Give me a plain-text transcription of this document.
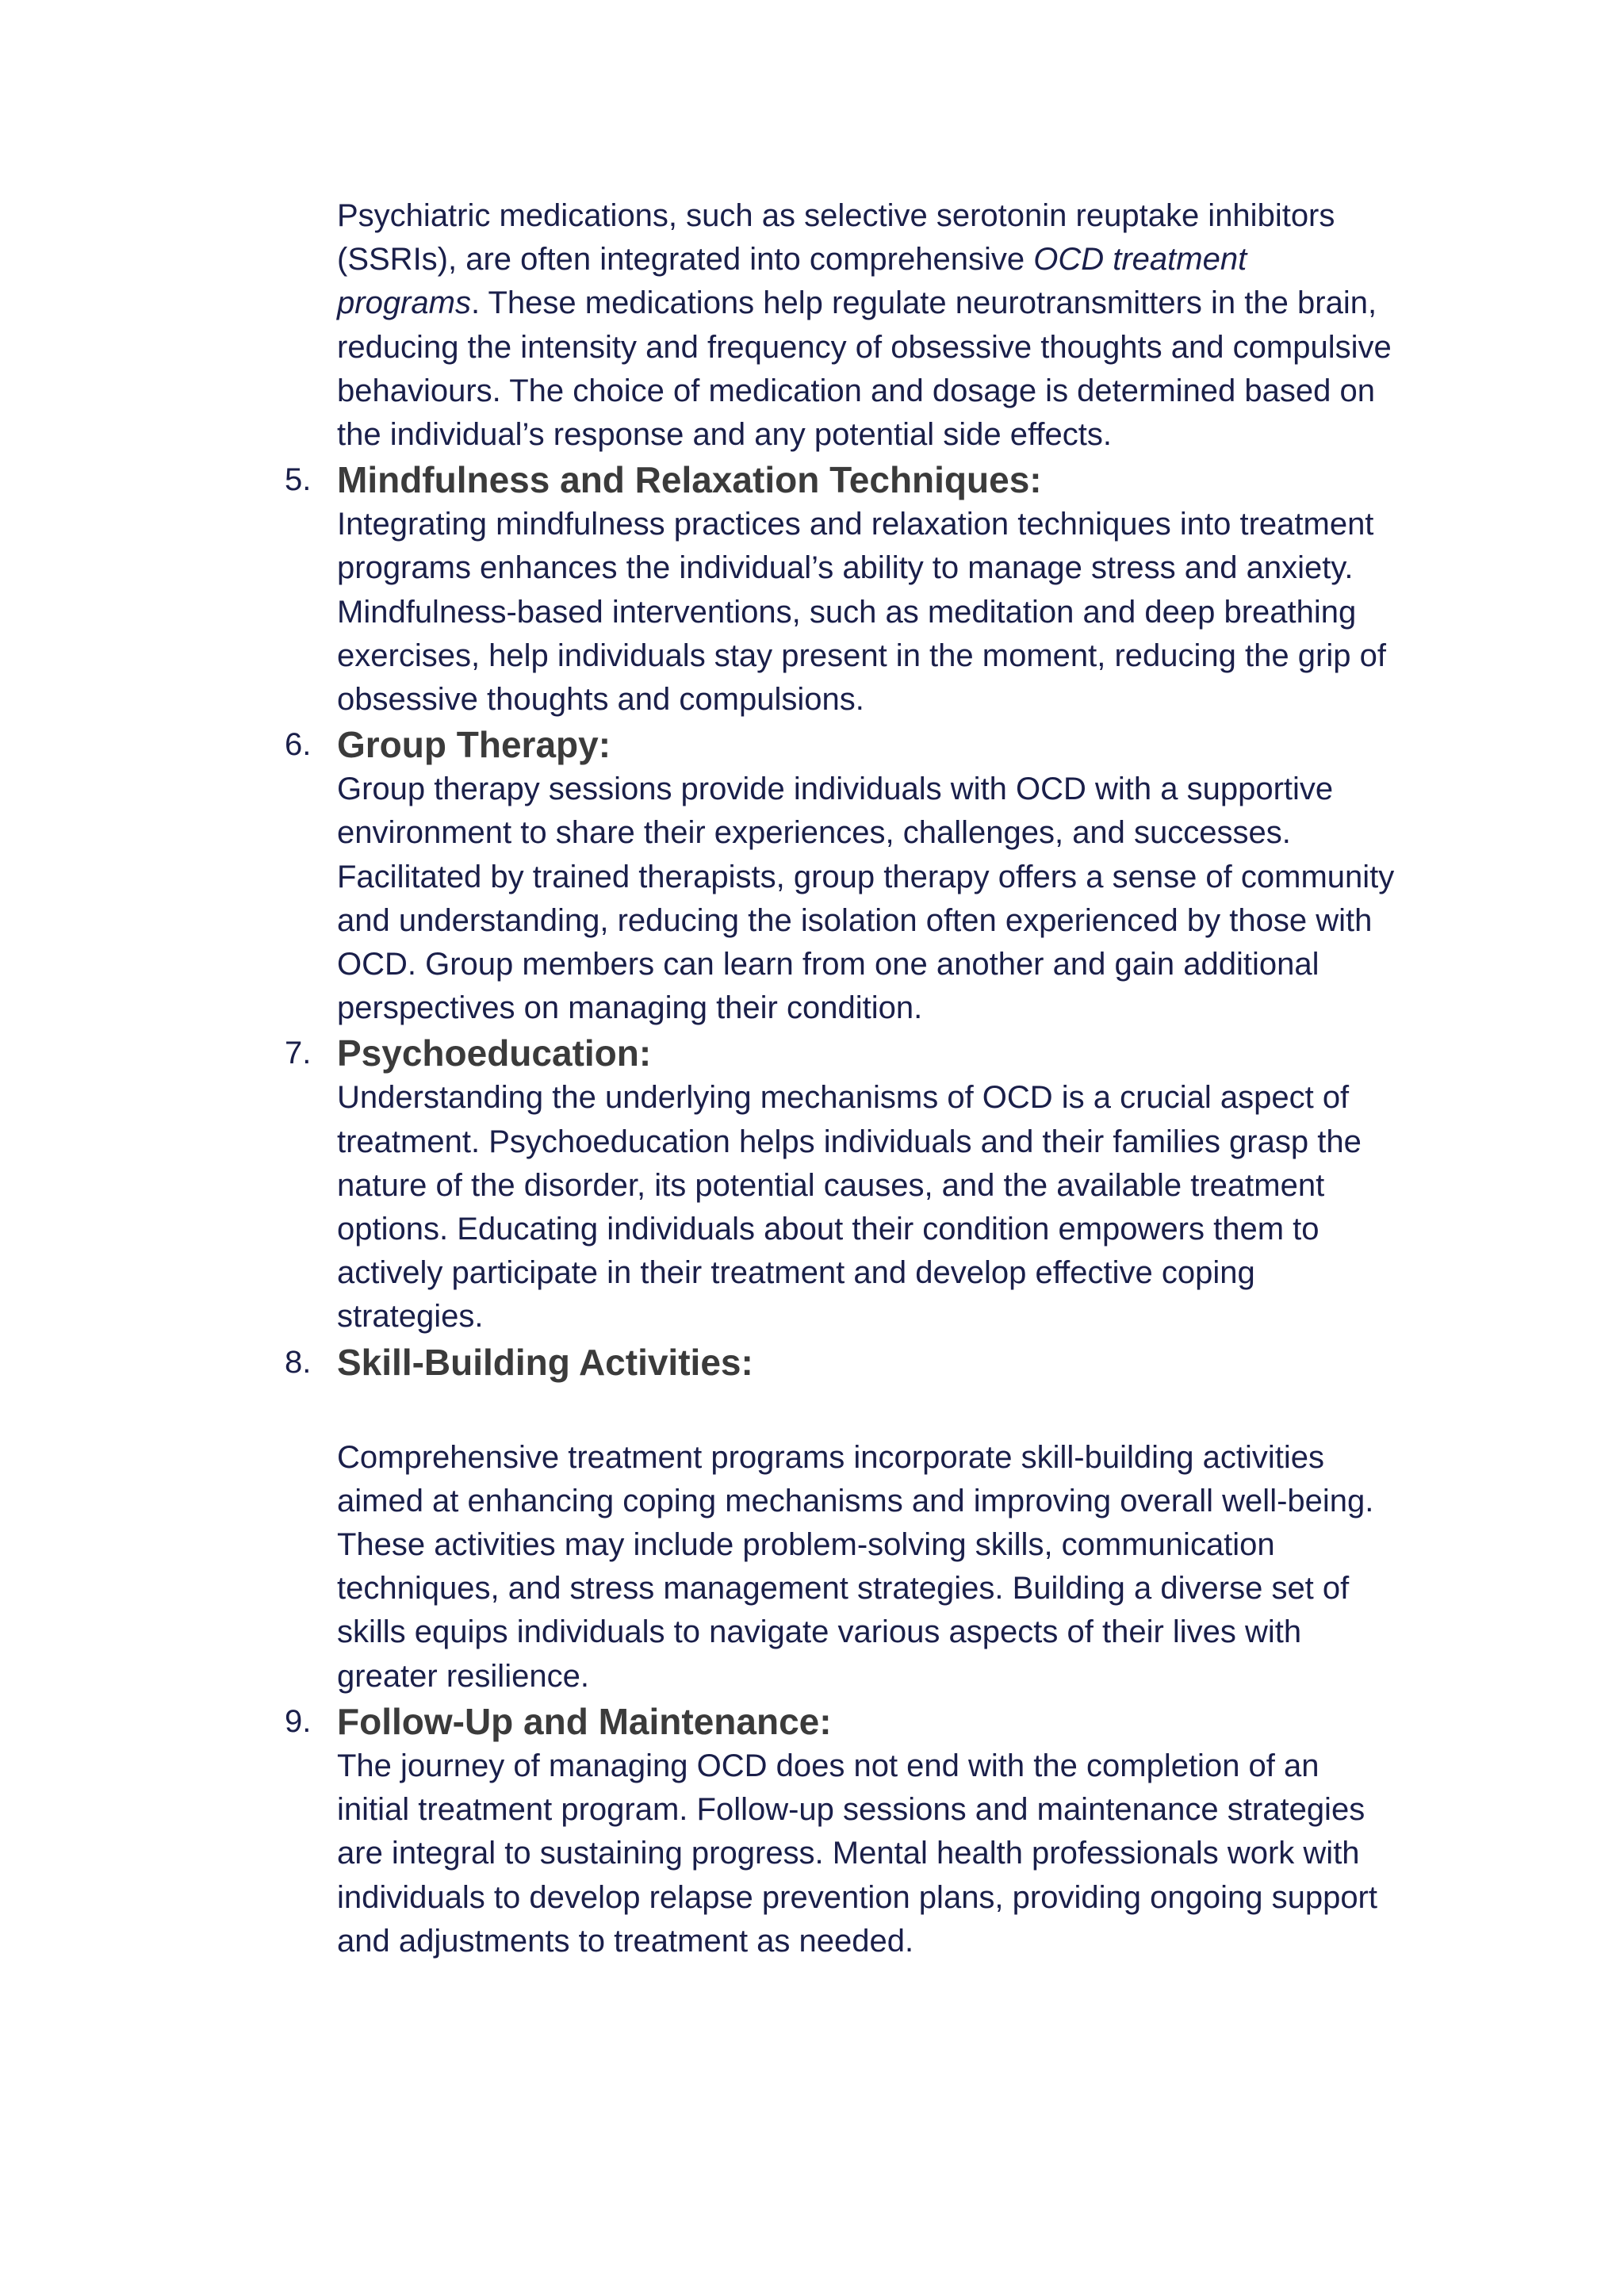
Psychiatric medications, such as selective serotonin reuptake inhibitors
(SSRIs), are often integrated into comprehensive OCD treatment
programs. These medications help regulate neurotransmitters in the brain,
reducing the intensity and frequency of obsessive thoughts and compulsive
behaviours. The choice of medication and dosage is determined based on
the individual’s response and any potential side effects.
5. Mindfulness and Relaxation Techniques:
Integrating mindfulness practices and relaxation techniques into treatment
programs enhances the individual’s ability to manage stress and anxiety.
Mindfulness-based interventions, such as meditation and deep breathing
exercises, help individuals stay present in the moment, reducing the grip of
obsessive thoughts and compulsions.
6. Group Therapy:
Group therapy sessions provide individuals with OCD with a supportive
environment to share their experiences, challenges, and successes.
Facilitated by trained therapists, group therapy offers a sense of community
and understanding, reducing the isolation often experienced by those with
OCD. Group members can learn from one another and gain additional
perspectives on managing their condition.
7. Psychoeducation:
Understanding the underlying mechanisms of OCD is a crucial aspect of
treatment. Psychoeducation helps individuals and their families grasp the
nature of the disorder, its potential causes, and the available treatment
options. Educating individuals about their condition empowers them to
actively participate in their treatment and develop effective coping
strategies.
8. Skill-Building Activities:
Comprehensive treatment programs incorporate skill-building activities
aimed at enhancing coping mechanisms and improving overall well-being.
These activities may include problem-solving skills, communication
techniques, and stress management strategies. Building a diverse set of
skills equips individuals to navigate various aspects of their lives with
greater resilience.
9. Follow-Up and Maintenance:
The journey of managing OCD does not end with the completion of an
initial treatment program. Follow-up sessions and maintenance strategies
are integral to sustaining progress. Mental health professionals work with
individuals to develop relapse prevention plans, providing ongoing support
and adjustments to treatment as needed.
